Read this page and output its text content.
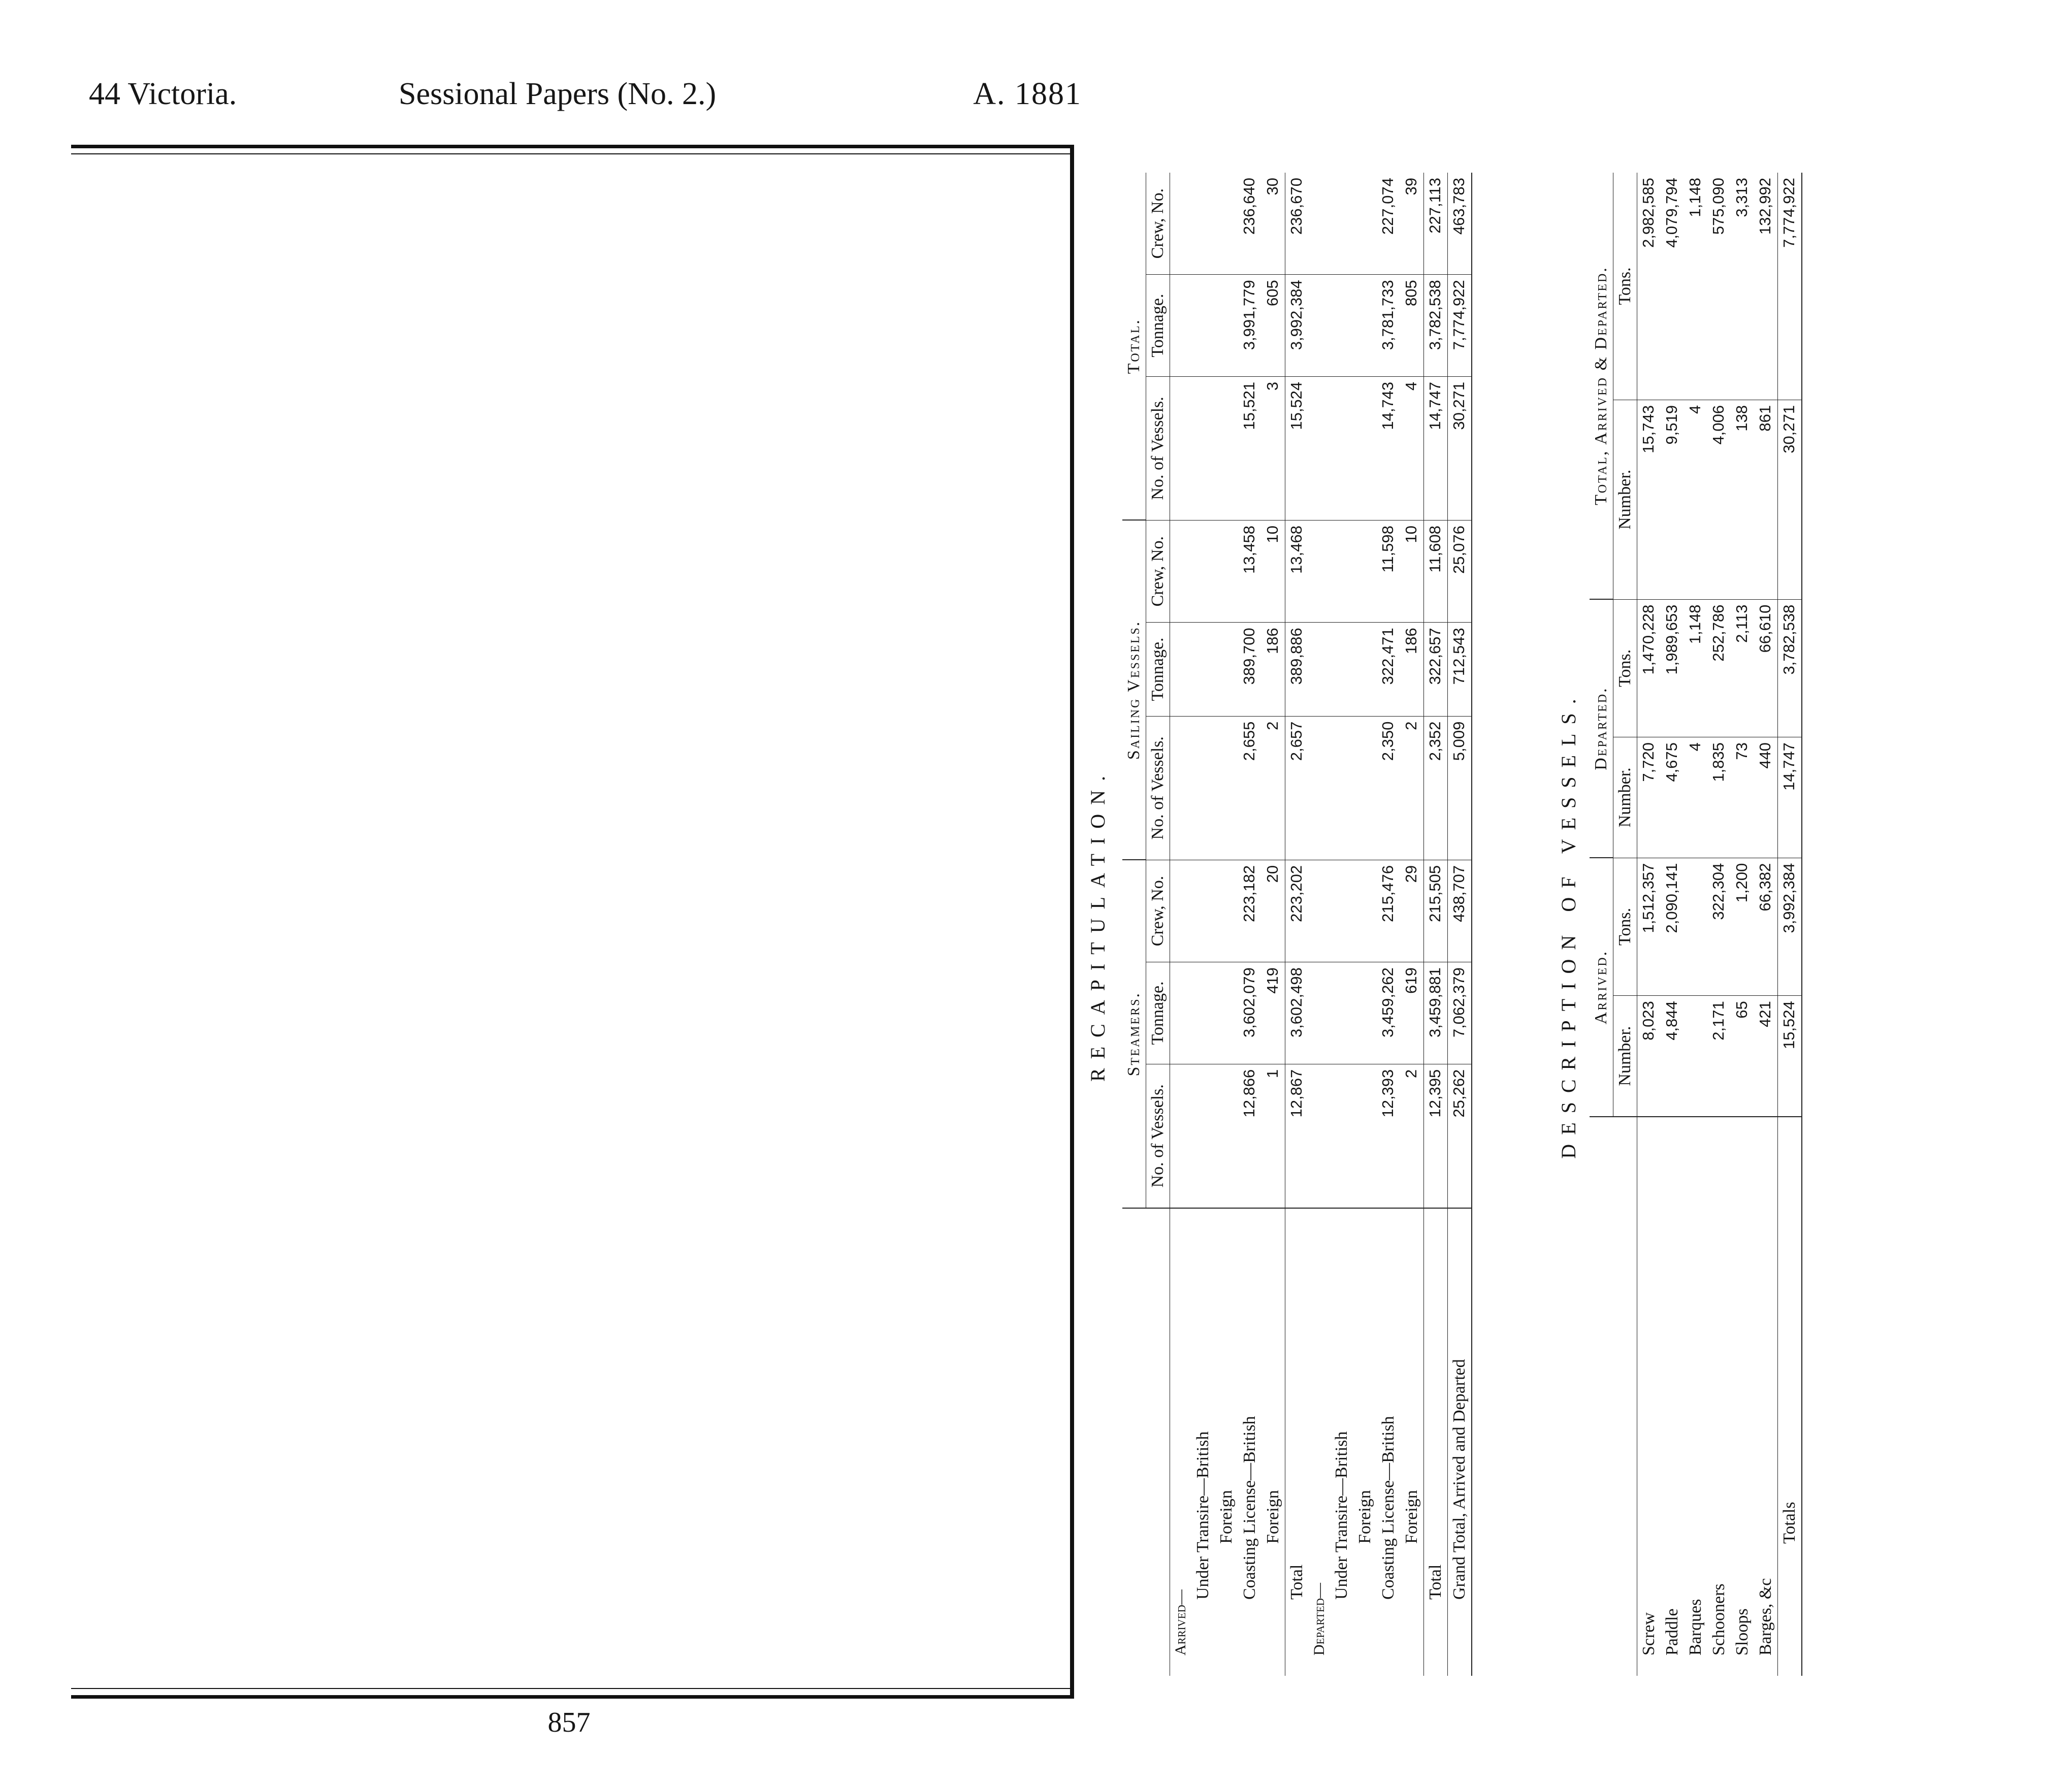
44 Victoria.	Sessional Papers (No. 2.)	A. 1881
RECAPITULATION.
	Steamers.			Sailing Vessels.			Total.		
	No. of Vessels.	Tonnage.	Crew, No.	No. of Vessels.	Tonnage.	Crew, No.	No. of Vessels.	Tonnage.	Crew, No.
Arrived—									
Under Transire—British									
Foreign									
Coasting License—British	12,866	3,602,079	223,182	2,655	389,700	13,458	15,521	3,991,779	236,640
Foreign	1	419	20	2	186	10	3	605	30
Total	12,867	3,602,498	223,202	2,657	389,886	13,468	15,524	3,992,384	236,670
Departed—									
Under Transire—British									
Foreign									
Coasting License—British	12,393	3,459,262	215,476	2,350	322,471	11,598	14,743	3,781,733	227,074
Foreign	2	619	29	2	186	10	4	805	39
Total	12,395	3,459,881	215,505	2,352	322,657	11,608	14,747	3,782,538	227,113
Grand Total, Arrived and Departed	25,262	7,062,379	438,707	5,009	712,543	25,076	30,271	7,774,922	463,783
DESCRIPTION OF VESSELS.
	Arrived.		Departed.		Total, Arrived & Departed.	
	Number.	Tons.	Number.	Tons.	Number.	Tons.
Screw	8,023	1,512,357	7,720	1,470,228	15,743	2,982,585
Paddle	4,844	2,090,141	4,675	1,989,653	9,519	4,079,794
Barques			4	1,148	4	1,148
Schooners	2,171	322,304	1,835	252,786	4,006	575,090
Sloops	65	1,200	73	2,113	138	3,313
Barges, &c	421	66,382	440	66,610	861	132,992
Totals	15,524	3,992,384	14,747	3,782,538	30,271	7,774,922
857
